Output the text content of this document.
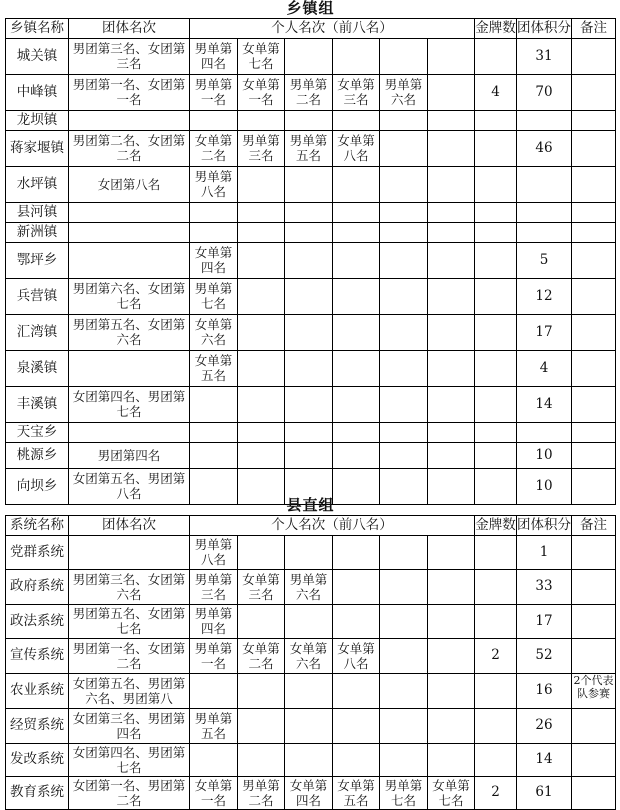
乡镇组										
乡镇名称	团体名次	个人名次（前八名）						金牌数	团体积分	备注
城关镇	男团第三名、女团第三名	男单第四名	女单第七名						31	
中峰镇	男团第一名、女团第一名	男单第一名	女单第一名	男单第二名	女单第三名	男单第六名		4	70	
龙坝镇										
蒋家堰镇	男团第二名、女团第二名	女单第二名	男单第三名	男单第五名	女单第八名				46	
水坪镇	女团第八名	男单第八名								
县河镇										
新洲镇										
鄂坪乡		女单第四名							5	
兵营镇	男团第六名、女团第七名	男单第七名							12	
汇湾镇	男团第五名、女团第六名	女单第六名							17	
泉溪镇		女单第五名							4	
丰溪镇	女团第四名、男团第七名								14	
天宝乡										
桃源乡	男团第四名								10	
向坝乡	女团第五名、男团第八名								10	
县直组										
系统名称	团体名次	个人名次（前八名）						金牌数	团体积分	备注
党群系统		男单第八名							1	
政府系统	男团第三名、女团第六名	男单第三名	女单第三名	男单第六名					33	
政法系统	男团第五名、女团第七名	男单第四名							17	
宣传系统	男团第一名、女团第二名	男单第一名	女单第二名	女单第六名	女单第八名			2	52	
农业系统	女团第五名、男团第六名、男团第八								16	2个代表队参赛
经贸系统	女团第三名、男团第四名	男单第五名							26	
发改系统	女团第四名、男团第七名								14	
教育系统	女团第一名、男团第二名	女单第一名	男单第二名	女单第四名	女单第五名	男单第七名	女单第七名	2	61	
